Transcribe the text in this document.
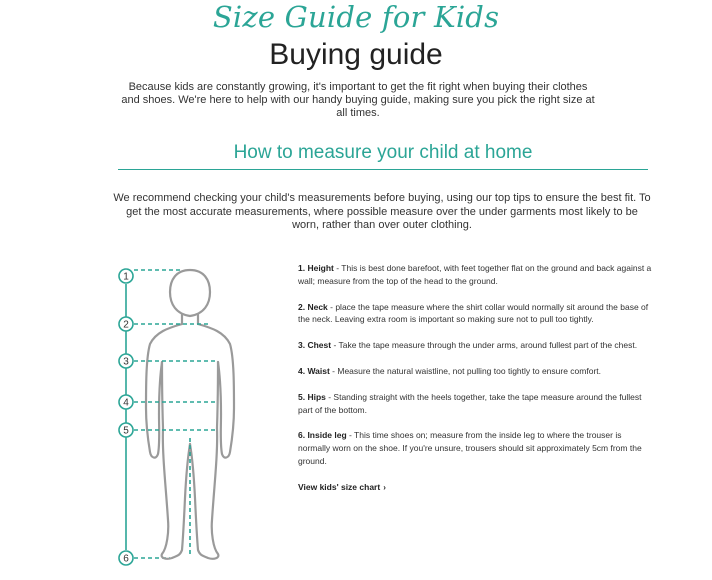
Size Guide for Kids
Buying guide
Because kids are constantly growing, it's important to get the fit right when buying their clothes and shoes. We're here to help with our handy buying guide, making sure you pick the right size at all times.
How to measure your child at home
We recommend checking your child's measurements before buying, using our top tips to ensure the best fit. To get the most accurate measurements, where possible measure over the under garments most likely to be worn, rather than over outer clothing.
1
2
3
4
5
6

1. Height - This is best done barefoot, with feet together flat on the ground and back against a wall; measure from the top of the head to the ground.

2. Neck - place the tape measure where the shirt collar would normally sit around the base of the neck. Leaving extra room is important so making sure not to pull too tightly.

3. Chest - Take the tape measure through the under arms, around fullest part of the chest.

4. Waist - Measure the natural waistline, not pulling too tightly to ensure comfort.

5. Hips - Standing straight with the heels together, take the tape measure around the fullest part of the bottom.

6. Inside leg - This time shoes on; measure from the inside leg to where the trouser is normally worn on the shoe. If you're unsure, trousers should sit approximately 5cm from the ground.

View kids' size chart ›
